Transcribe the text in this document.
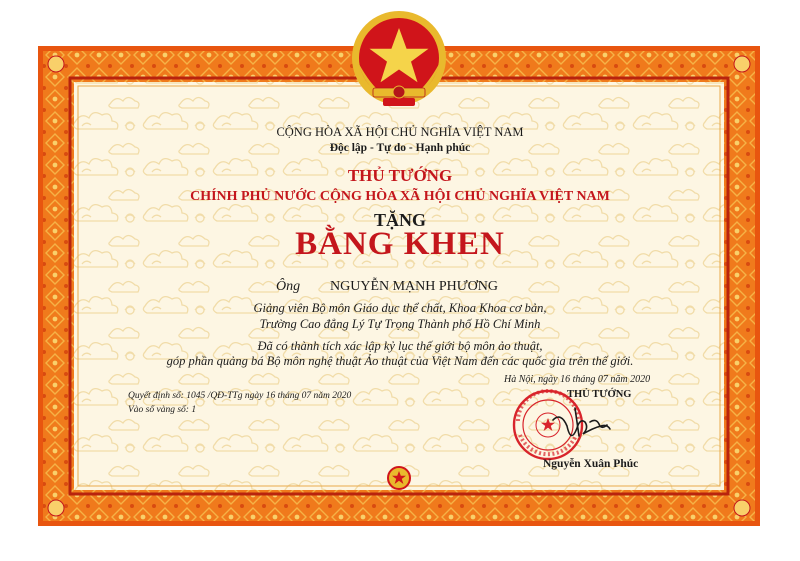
CỘNG HÒA XÃ HỘI CHỦ NGHĨA VIỆT NAM
Độc lập - Tự do - Hạnh phúc
THỦ TƯỚNG
CHÍNH PHỦ NƯỚC CỘNG HÒA XÃ HỘI CHỦ NGHĨA VIỆT NAM
TẶNG
BẰNG KHEN
Ông NGUYỄN MẠNH PHƯƠNG
Giảng viên Bộ môn Giáo dục thể chất, Khoa Khoa cơ bản,
Trường Cao đẳng Lý Tự Trọng Thành phố Hồ Chí Minh
Đã có thành tích xác lập kỷ lục thế giới bộ môn ảo thuật,
góp phần quảng bá Bộ môn nghệ thuật Ảo thuật của Việt Nam đến các quốc gia trên thế giới.
Hà Nội, ngày 16 tháng 07 năm 2020
THỦ TƯỚNG
Nguyễn Xuân Phúc
Quyết định số: 1045 /QĐ-TTg ngày 16 tháng 07 năm 2020
Vào sổ vàng số: 1
